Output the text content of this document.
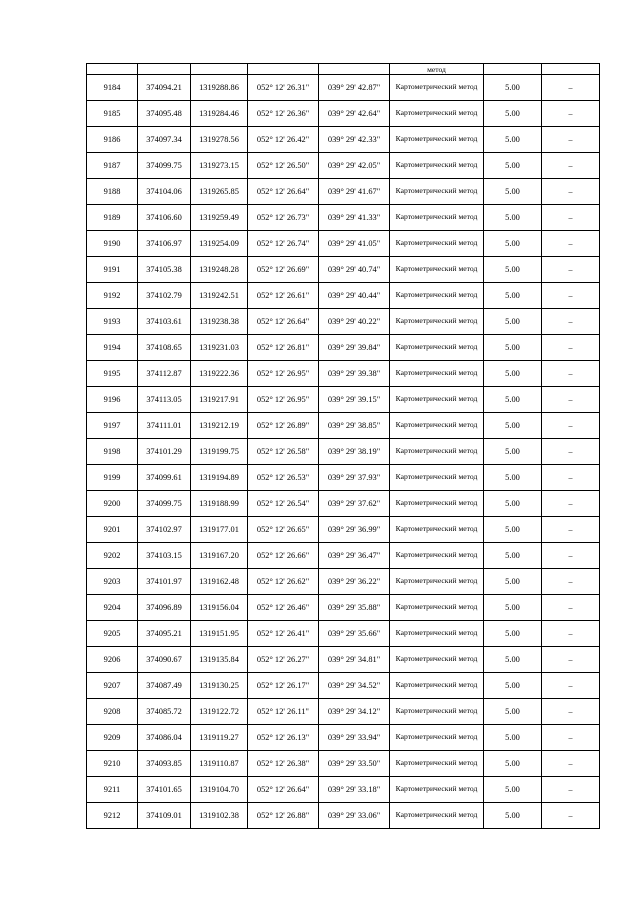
					метод		
9184	374094.21	1319288.86	052° 12' 26.31"	039° 29' 42.87"	Картометрический метод	5.00	–
9185	374095.48	1319284.46	052° 12' 26.36"	039° 29' 42.64"	Картометрический метод	5.00	–
9186	374097.34	1319278.56	052° 12' 26.42"	039° 29' 42.33"	Картометрический метод	5.00	–
9187	374099.75	1319273.15	052° 12' 26.50"	039° 29' 42.05"	Картометрический метод	5.00	–
9188	374104.06	1319265.85	052° 12' 26.64"	039° 29' 41.67"	Картометрический метод	5.00	–
9189	374106.60	1319259.49	052° 12' 26.73"	039° 29' 41.33"	Картометрический метод	5.00	–
9190	374106.97	1319254.09	052° 12' 26.74"	039° 29' 41.05"	Картометрический метод	5.00	–
9191	374105.38	1319248.28	052° 12' 26.69"	039° 29' 40.74"	Картометрический метод	5.00	–
9192	374102.79	1319242.51	052° 12' 26.61"	039° 29' 40.44"	Картометрический метод	5.00	–
9193	374103.61	1319238.38	052° 12' 26.64"	039° 29' 40.22"	Картометрический метод	5.00	–
9194	374108.65	1319231.03	052° 12' 26.81"	039° 29' 39.84"	Картометрический метод	5.00	–
9195	374112.87	1319222.36	052° 12' 26.95"	039° 29' 39.38"	Картометрический метод	5.00	–
9196	374113.05	1319217.91	052° 12' 26.95"	039° 29' 39.15"	Картометрический метод	5.00	–
9197	374111.01	1319212.19	052° 12' 26.89"	039° 29' 38.85"	Картометрический метод	5.00	–
9198	374101.29	1319199.75	052° 12' 26.58"	039° 29' 38.19"	Картометрический метод	5.00	–
9199	374099.61	1319194.89	052° 12' 26.53"	039° 29' 37.93"	Картометрический метод	5.00	–
9200	374099.75	1319188.99	052° 12' 26.54"	039° 29' 37.62"	Картометрический метод	5.00	–
9201	374102.97	1319177.01	052° 12' 26.65"	039° 29' 36.99"	Картометрический метод	5.00	–
9202	374103.15	1319167.20	052° 12' 26.66"	039° 29' 36.47"	Картометрический метод	5.00	–
9203	374101.97	1319162.48	052° 12' 26.62"	039° 29' 36.22"	Картометрический метод	5.00	–
9204	374096.89	1319156.04	052° 12' 26.46"	039° 29' 35.88"	Картометрический метод	5.00	–
9205	374095.21	1319151.95	052° 12' 26.41"	039° 29' 35.66"	Картометрический метод	5.00	–
9206	374090.67	1319135.84	052° 12' 26.27"	039° 29' 34.81"	Картометрический метод	5.00	–
9207	374087.49	1319130.25	052° 12' 26.17"	039° 29' 34.52"	Картометрический метод	5.00	–
9208	374085.72	1319122.72	052° 12' 26.11"	039° 29' 34.12"	Картометрический метод	5.00	–
9209	374086.04	1319119.27	052° 12' 26.13"	039° 29' 33.94"	Картометрический метод	5.00	–
9210	374093.85	1319110.87	052° 12' 26.38"	039° 29' 33.50"	Картометрический метод	5.00	–
9211	374101.65	1319104.70	052° 12' 26.64"	039° 29' 33.18"	Картометрический метод	5.00	–
9212	374109.01	1319102.38	052° 12' 26.88"	039° 29' 33.06"	Картометрический метод	5.00	–
